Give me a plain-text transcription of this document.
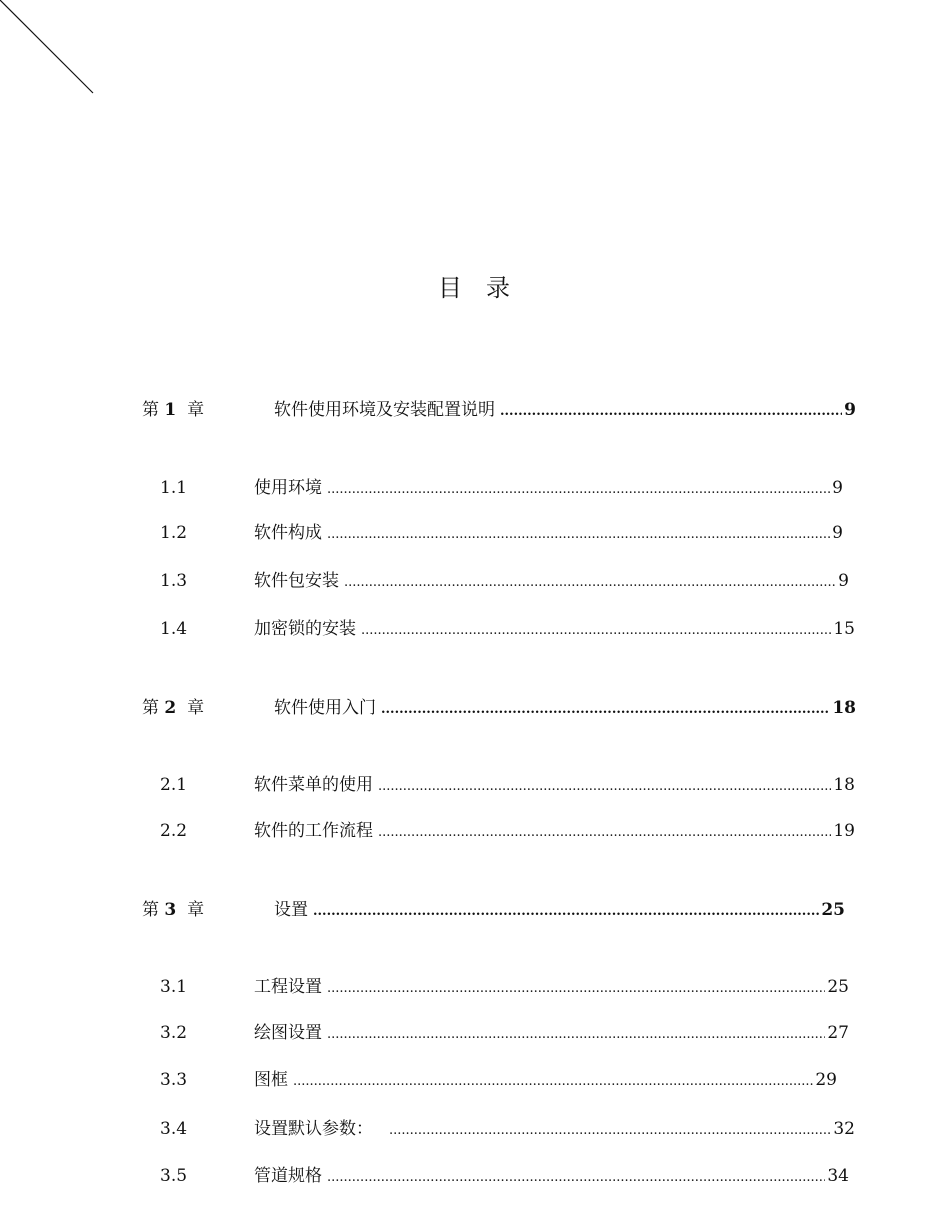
目 录
第 1 章	软件使用环境及安装配置说明 .....	9
1.1	使用环境 .....	9
1.2	软件构成 .....	9
1.3	软件包安装 .....	9
1.4	加密锁的安装 .....	15
第 2 章	软件使用入门 .....	18
2.1	软件菜单的使用 .....	18
2.2	软件的工作流程 .....	19
第 3 章	设置 .....	25
3.1	工程设置 .....	25
3.2	绘图设置 .....	27
3.3	图框 .....	29
3.4	设置默认参数： .....	32
3.5	管道规格 .....	34
